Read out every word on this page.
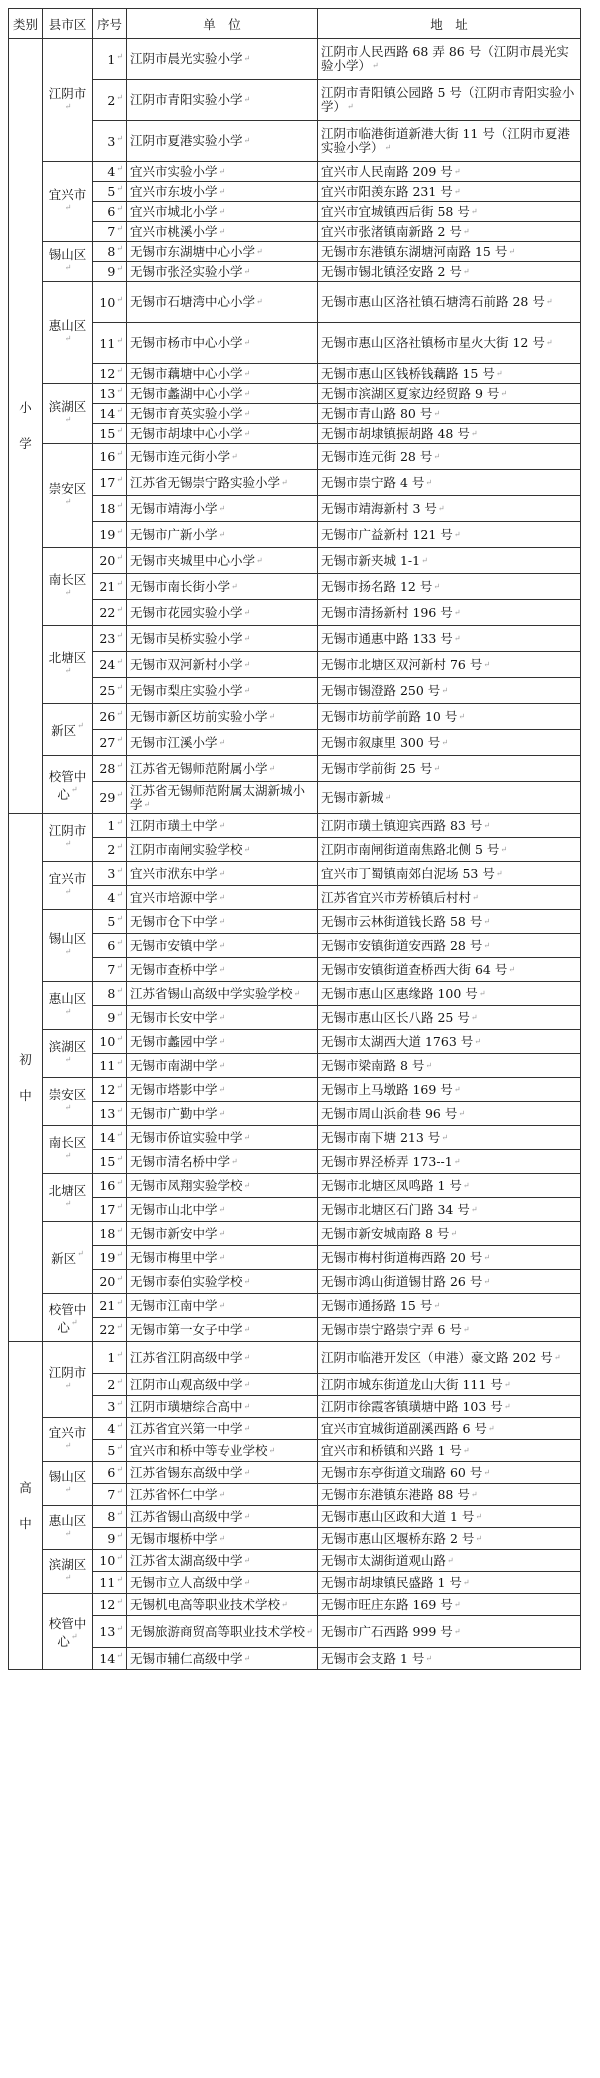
类别	县市区	序号	单　位	地　址

小
学	江阴市↵	1↵	江阴市晨光实验小学↵	江阴市人民西路 68 弄 86 号（江阴市晨光实验小学）↵
		2↵	江阴市青阳实验小学↵	江阴市青阳镇公园路 5 号（江阴市青阳实验小学）↵
		3↵	江阴市夏港实验小学↵	江阴市临港街道新港大街 11 号（江阴市夏港实验小学）↵
	宜兴市↵	4↵	宜兴市实验小学↵	宜兴市人民南路 209 号↵
		5↵	宜兴市东坡小学↵	宜兴市阳羡东路 231 号↵
		6↵	宜兴市城北小学↵	宜兴市宜城镇西后街 58 号↵
		7↵	宜兴市桃溪小学↵	宜兴市张渚镇南新路 2 号↵
	锡山区↵	8↵	无锡市东湖塘中心小学↵	无锡市东港镇东湖塘河南路 15 号↵
		9↵	无锡市张泾实验小学↵	无锡市锡北镇泾安路 2 号↵
	惠山区↵	10↵	无锡市石塘湾中心小学↵	无锡市惠山区洛社镇石塘湾石前路 28 号↵
		11↵	无锡市杨市中心小学↵	无锡市惠山区洛社镇杨市星火大街 12 号↵
		12↵	无锡市藕塘中心小学↵	无锡市惠山区钱桥钱藕路 15 号↵
	滨湖区↵	13↵	无锡市蠡湖中心小学↵	无锡市滨湖区夏家边经贸路 9 号↵
		14↵	无锡市育英实验小学↵	无锡市青山路 80 号↵
		15↵	无锡市胡埭中心小学↵	无锡市胡埭镇振胡路 48 号↵
	崇安区↵	16↵	无锡市连元街小学↵	无锡市连元街 28 号↵
		17↵	江苏省无锡崇宁路实验小学↵	无锡市崇宁路 4 号↵
		18↵	无锡市靖海小学↵	无锡市靖海新村 3 号↵
		19↵	无锡市广新小学↵	无锡市广益新村 121 号↵
	南长区↵	20↵	无锡市夹城里中心小学↵	无锡市新夹城 1-1↵
		21↵	无锡市南长街小学↵	无锡市扬名路 12 号↵
		22↵	无锡市花园实验小学↵	无锡市清扬新村 196 号↵
	北塘区↵	23↵	无锡市吴桥实验小学↵	无锡市通惠中路 133 号↵
		24↵	无锡市双河新村小学↵	无锡市北塘区双河新村 76 号↵
		25↵	无锡市梨庄实验小学↵	无锡市锡澄路 250 号↵
	新区↵	26↵	无锡市新区坊前实验小学↵	无锡市坊前学前路 10 号↵
		27↵	无锡市江溪小学↵	无锡市叙康里 300 号↵
	校管中心↵	28↵	江苏省无锡师范附属小学↵	无锡市学前街 25 号↵
		29↵	江苏省无锡师范附属太湖新城小学↵	无锡市新城↵

初
中	江阴市↵	1↵	江阴市璜土中学↵	江阴市璜土镇迎宾西路 83 号↵
		2↵	江阴市南闸实验学校↵	江阴市南闸街道南焦路北侧 5 号↵
	宜兴市↵	3↵	宜兴市洑东中学↵	宜兴市丁蜀镇南郊白泥场 53 号↵
		4↵	宜兴市培源中学↵	江苏省宜兴市芳桥镇后村村↵
	锡山区↵	5↵	无锡市仓下中学↵	无锡市云林街道钱长路 58 号↵
		6↵	无锡市安镇中学↵	无锡市安镇街道安西路 28 号↵
		7↵	无锡市查桥中学↵	无锡市安镇街道查桥西大街 64 号↵
	惠山区↵	8↵	江苏省锡山高级中学实验学校↵	无锡市惠山区惠缘路 100 号↵
		9↵	无锡市长安中学↵	无锡市惠山区长八路 25 号↵
	滨湖区↵	10↵	无锡市蠡园中学↵	无锡市太湖西大道 1763 号↵
		11↵	无锡市南湖中学↵	无锡市梁南路 8 号↵
	崇安区↵	12↵	无锡市塔影中学↵	无锡市上马墩路 169 号↵
		13↵	无锡市广勤中学↵	无锡市周山浜俞巷 96 号↵
	南长区↵	14↵	无锡市侨谊实验中学↵	无锡市南下塘 213 号↵
		15↵	无锡市清名桥中学↵	无锡市界泾桥弄 173--1↵
	北塘区↵	16↵	无锡市凤翔实验学校↵	无锡市北塘区凤鸣路 1 号↵
		17↵	无锡市山北中学↵	无锡市北塘区石门路 34 号↵
	新区↵	18↵	无锡市新安中学↵	无锡市新安城南路 8 号↵
		19↵	无锡市梅里中学↵	无锡市梅村街道梅西路 20 号↵
		20↵	无锡市泰伯实验学校↵	无锡市鸿山街道锡甘路 26 号↵
	校管中心↵	21↵	无锡市江南中学↵	无锡市通扬路 15 号↵
		22↵	无锡市第一女子中学↵	无锡市崇宁路崇宁弄 6 号↵

高
中	江阴市↵	1↵	江苏省江阴高级中学↵	江阴市临港开发区（申港）豪文路 202 号↵
		2↵	江阴市山观高级中学↵	江阴市城东街道龙山大街 111 号↵
		3↵	江阴市璜塘综合高中↵	江阴市徐霞客镇璜塘中路 103 号↵
	宜兴市↵	4↵	江苏省宜兴第一中学↵	宜兴市宜城街道副溪西路 6 号↵
		5↵	宜兴市和桥中等专业学校↵	宜兴市和桥镇和兴路 1 号↵
	锡山区↵	6↵	江苏省锡东高级中学↵	无锡市东亭街道文瑞路 60 号↵
		7↵	江苏省怀仁中学↵	无锡市东港镇东港路 88 号↵
	惠山区↵	8↵	江苏省锡山高级中学↵	无锡市惠山区政和大道 1 号↵
		9↵	无锡市堰桥中学↵	无锡市惠山区堰桥东路 2 号↵
	滨湖区↵	10↵	江苏省太湖高级中学↵	无锡市太湖街道观山路↵
		11↵	无锡市立人高级中学↵	无锡市胡埭镇民盛路 1 号↵
	校管中心↵	12↵	无锡机电高等职业技术学校↵	无锡市旺庄东路 169 号↵
		13↵	无锡旅游商贸高等职业技术学校↵	无锡市广石西路 999 号↵
		14↵	无锡市辅仁高级中学↵	无锡市会支路 1 号↵
